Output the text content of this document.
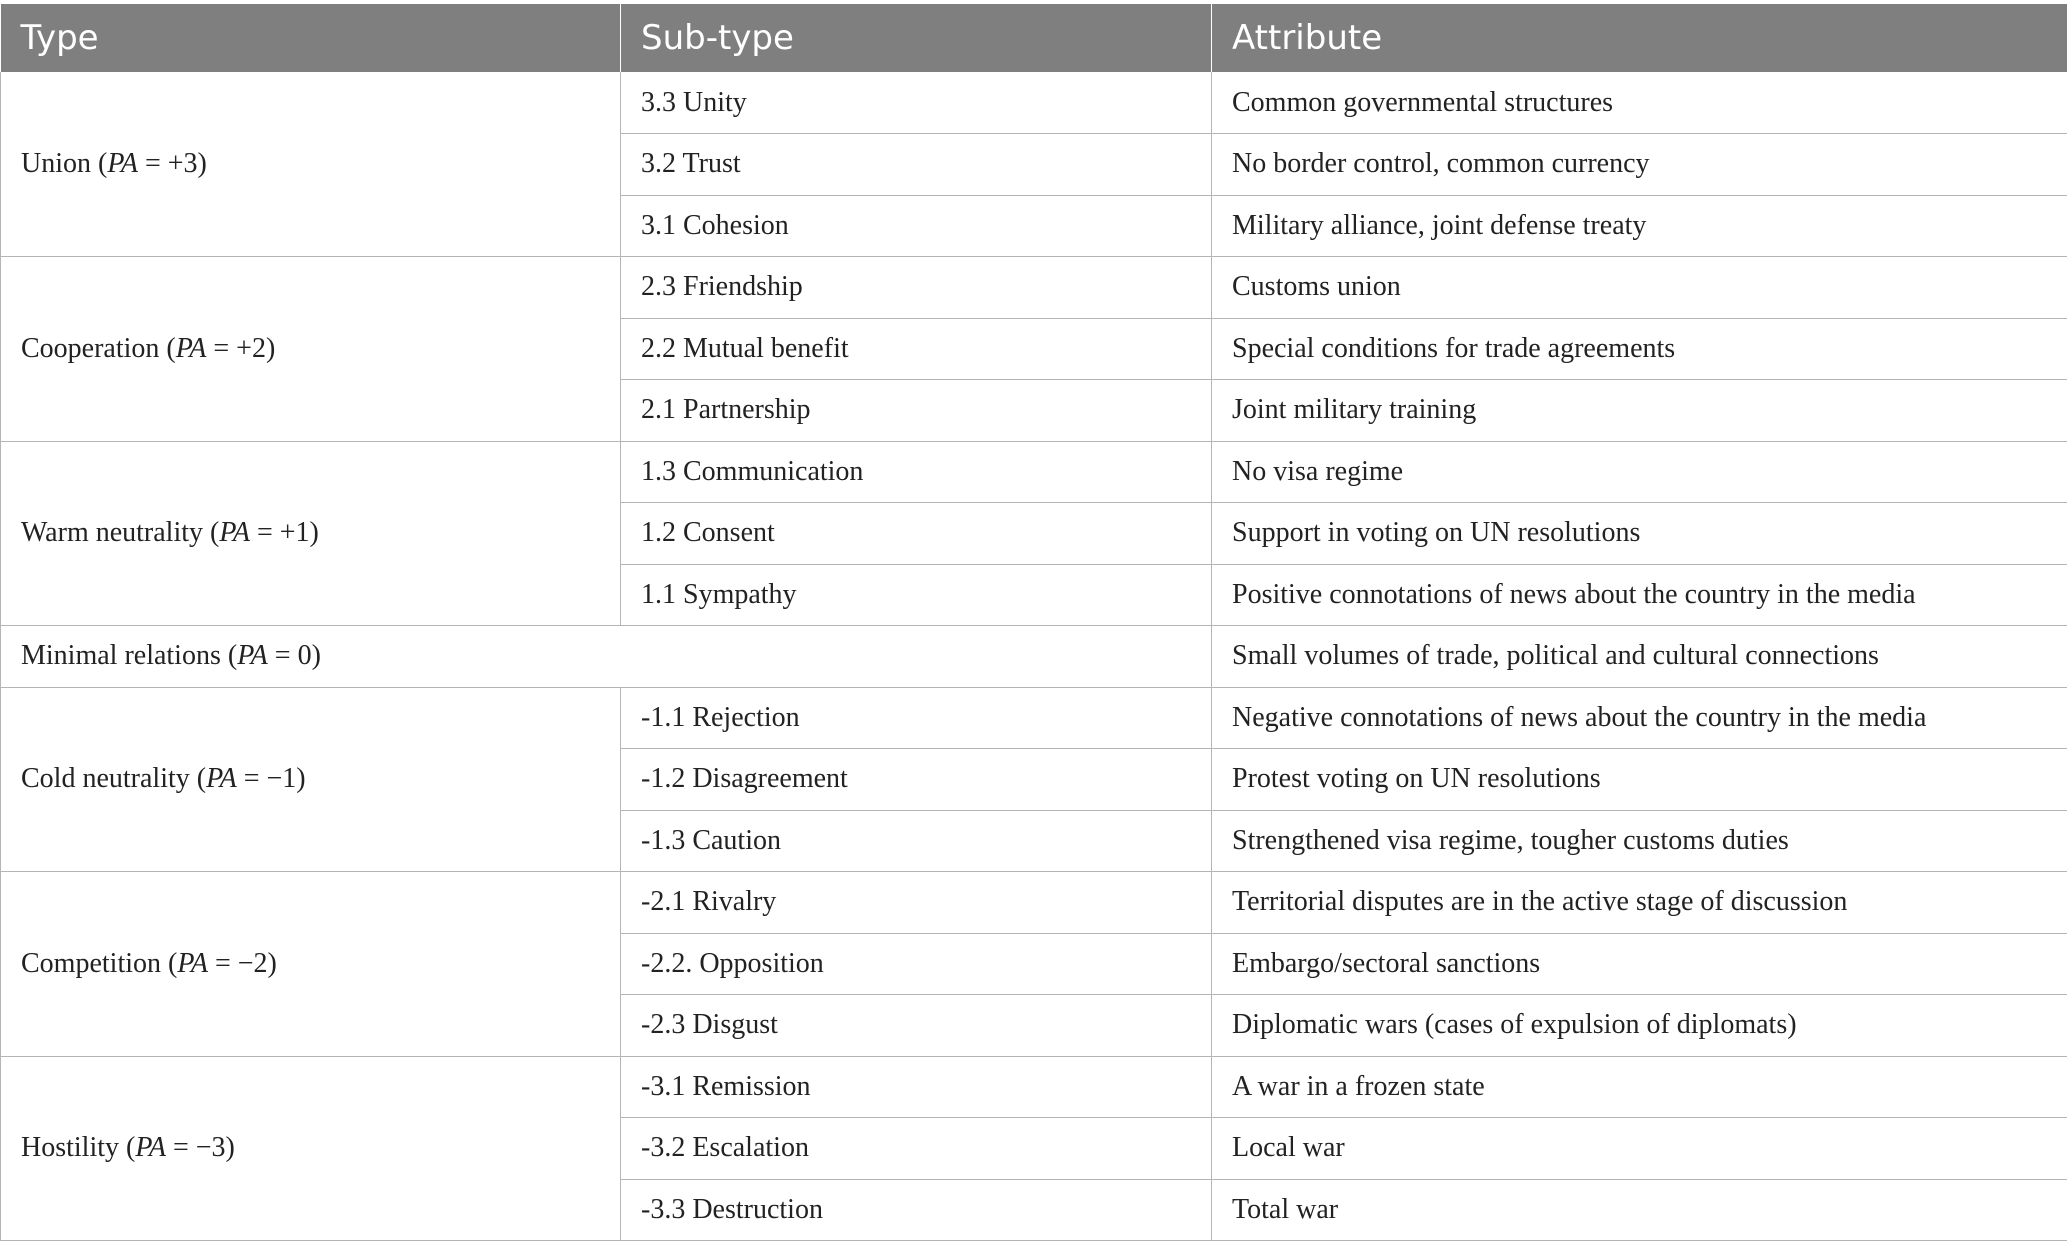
Type	Sub-type	Attribute
Union (PA = +3)	3.3 Unity	Common governmental structures
	3.2 Trust	No border control, common currency
	3.1 Cohesion	Military alliance, joint defense treaty
Cooperation (PA = +2)	2.3 Friendship	Customs union
	2.2 Mutual benefit	Special conditions for trade agreements
	2.1 Partnership	Joint military training
Warm neutrality (PA = +1)	1.3 Communication	No visa regime
	1.2 Consent	Support in voting on UN resolutions
	1.1 Sympathy	Positive connotations of news about the country in the media
Minimal relations (PA = 0)		Small volumes of trade, political and cultural connections
Cold neutrality (PA = −1)	-1.1 Rejection	Negative connotations of news about the country in the media
	-1.2 Disagreement	Protest voting on UN resolutions
	-1.3 Caution	Strengthened visa regime, tougher customs duties
Competition (PA = −2)	-2.1 Rivalry	Territorial disputes are in the active stage of discussion
	-2.2. Opposition	Embargo/sectoral sanctions
	-2.3 Disgust	Diplomatic wars (cases of expulsion of diplomats)
Hostility (PA = −3)	-3.1 Remission	A war in a frozen state
	-3.2 Escalation	Local war
	-3.3 Destruction	Total war
